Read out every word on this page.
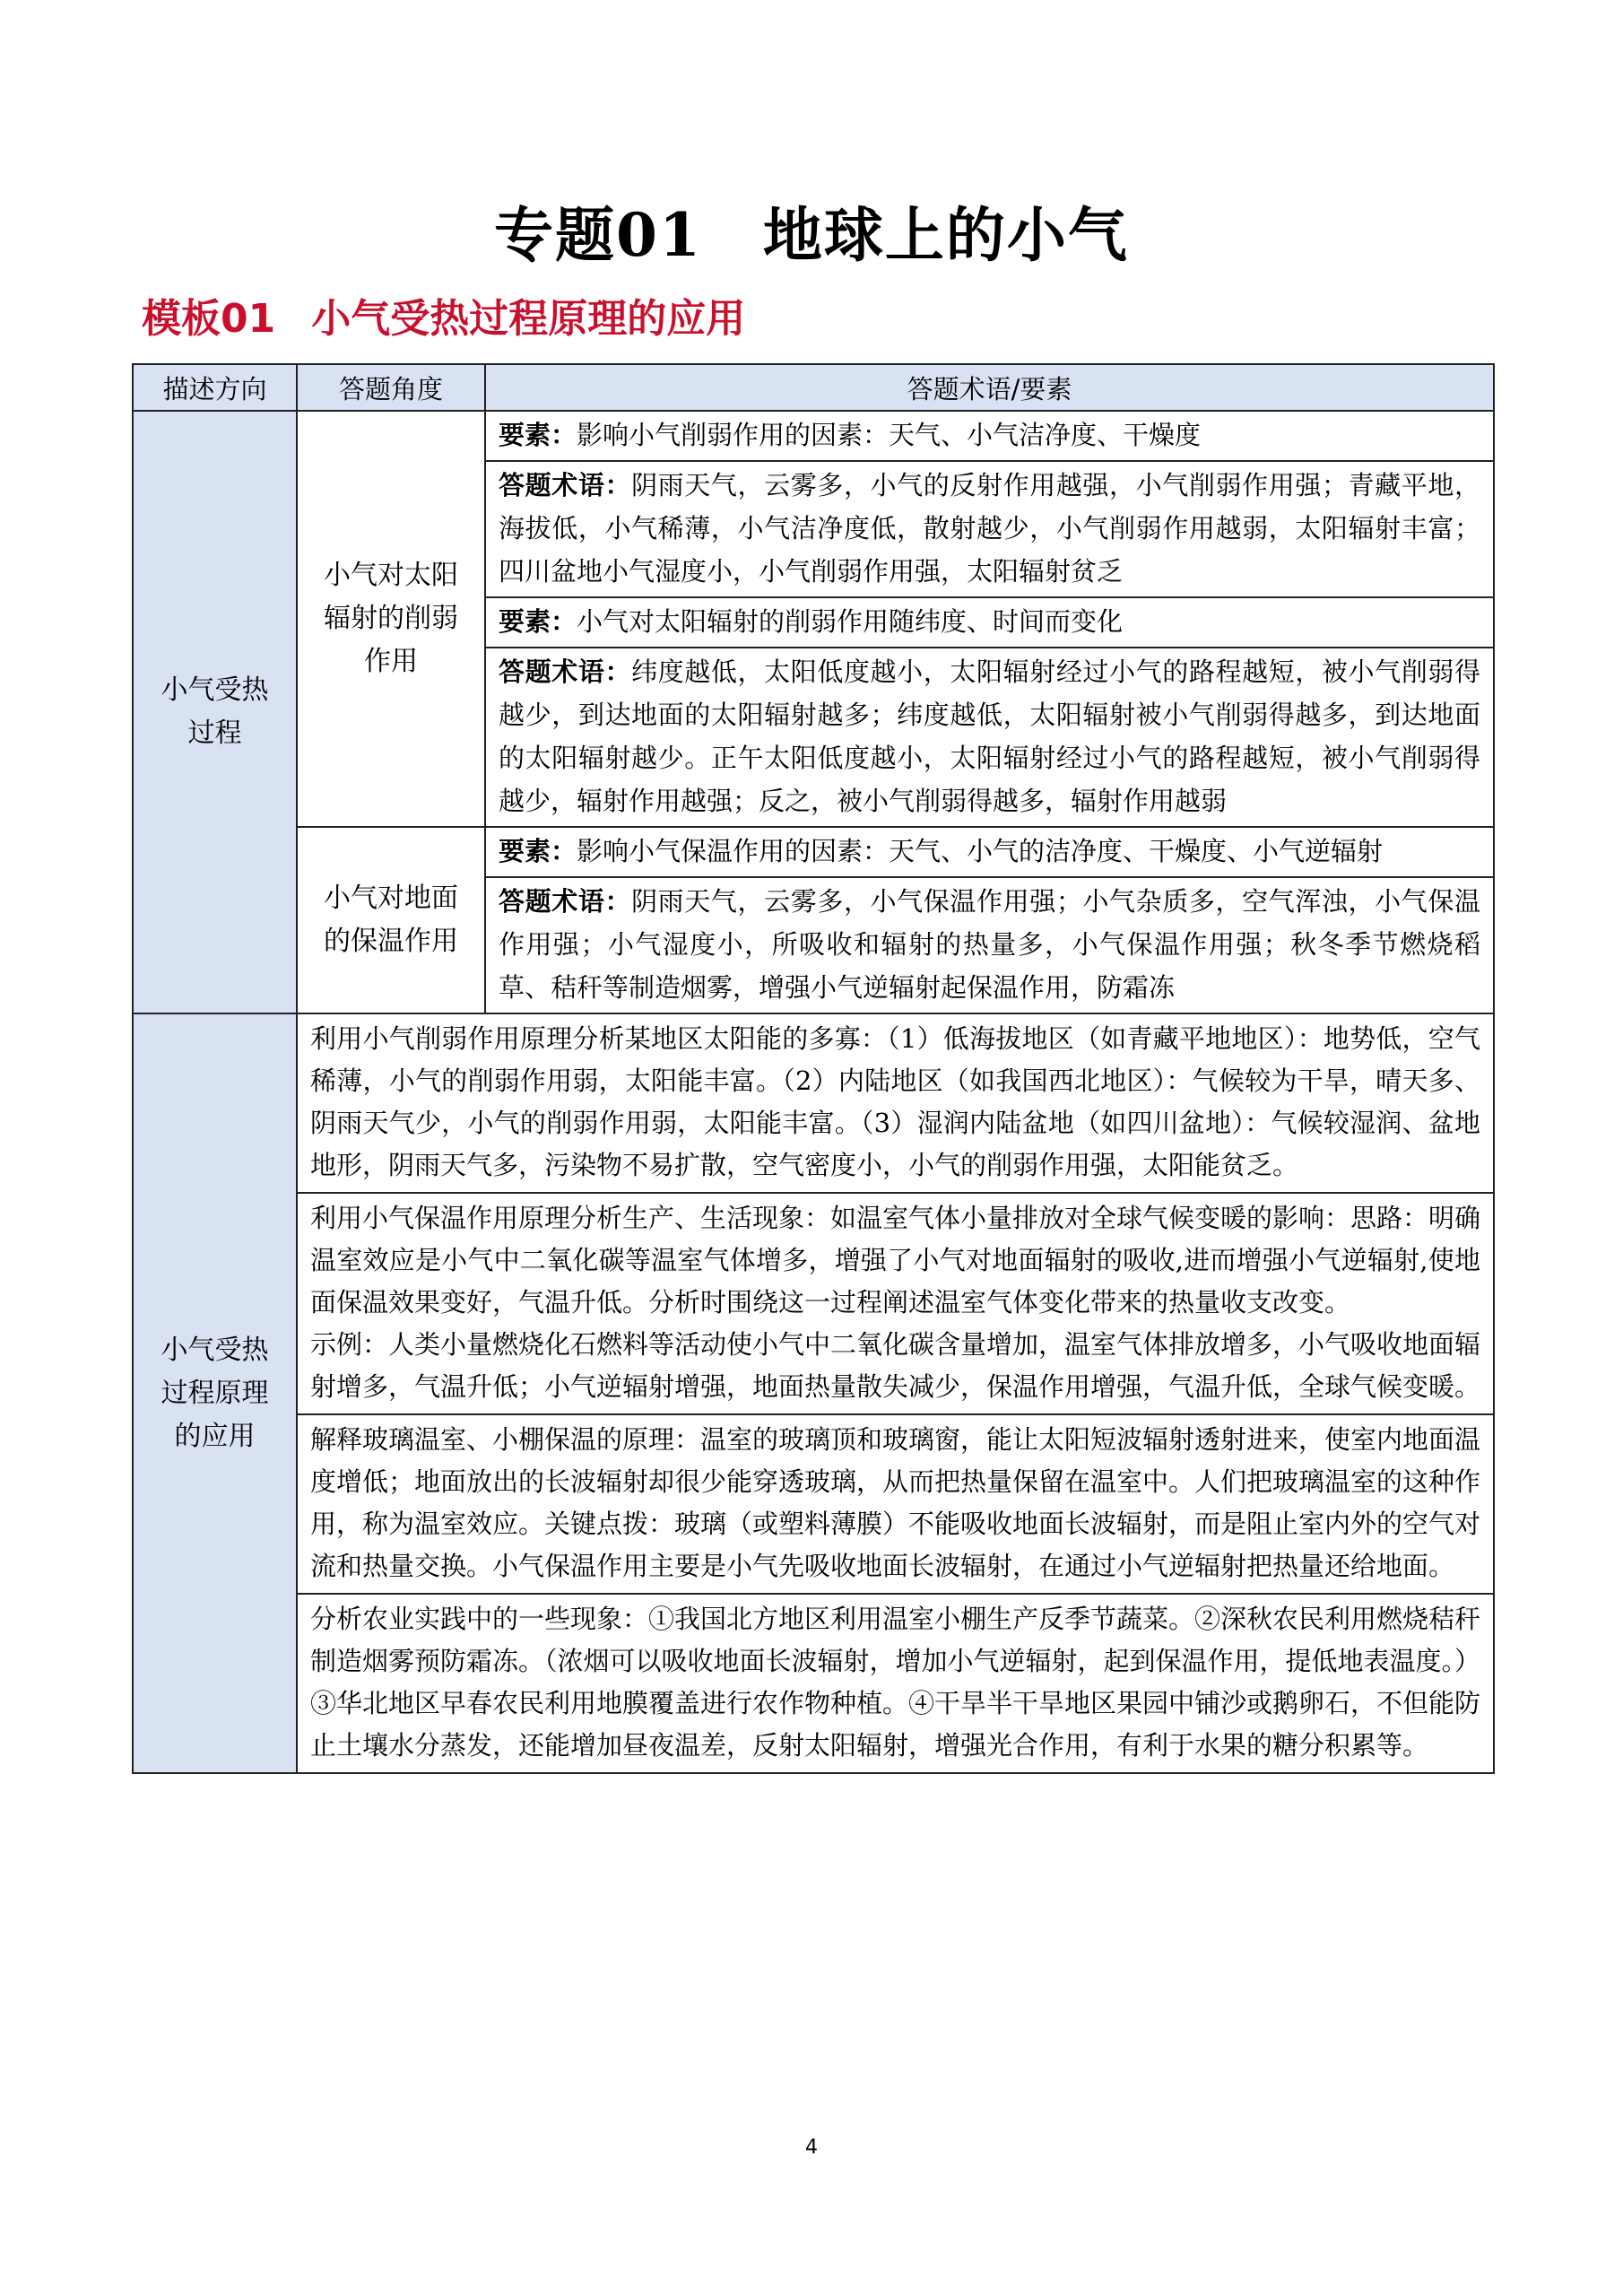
专题01　地球上的小气
模板01 小气受热过程原理的应用
描述方向	答题角度	答题术语/要素

小气受热过程	小气对太阳辐射的削弱作用	要素：影响小气削弱作用的因素：天气、小气洁净度、干燥度
		答题术语：阴雨天气，云雾多，小气的反射作用越强，小气削弱作用强；青藏平地，海拔低，小气稀薄，小气洁净度低，散射越少，小气削弱作用越弱，太阳辐射丰富；四川盆地小气湿度小，小气削弱作用强，太阳辐射贫乏
		要素：小气对太阳辐射的削弱作用随纬度、时间而变化
		答题术语：纬度越低，太阳低度越小，太阳辐射经过小气的路程越短，被小气削弱得越少，到达地面的太阳辐射越多；纬度越低，太阳辐射被小气削弱得越多，到达地面的太阳辐射越少。正午太阳低度越小，太阳辐射经过小气的路程越短，被小气削弱得越少，辐射作用越强；反之，被小气削弱得越多，辐射作用越弱

	小气对地面的保温作用	要素：影响小气保温作用的因素：天气、小气的洁净度、干燥度、小气逆辐射
		答题术语：阴雨天气，云雾多，小气保温作用强；小气杂质多，空气浑浊，小气保温作用强；小气湿度小，所吸收和辐射的热量多，小气保温作用强；秋冬季节燃烧稻草、秸秆等制造烟雾，增强小气逆辐射起保温作用，防霜冻

小气受热过程原理的应用	利用小气削弱作用原理分析某地区太阳能的多寡：（1）低海拔地区（如青藏平地地区）：地势低，空气稀薄，小气的削弱作用弱，太阳能丰富。（2）内陆地区（如我国西北地区）：气候较为干旱，晴天多、阴雨天气少，小气的削弱作用弱，太阳能丰富。（3）湿润内陆盆地（如四川盆地）：气候较湿润、盆地地形，阴雨天气多，污染物不易扩散，空气密度小，小气的削弱作用强，太阳能贫乏。	

	利用小气保温作用原理分析生产、生活现象：如温室气体小量排放对全球气候变暖的影响：思路：明确温室效应是小气中二氧化碳等温室气体增多，增强了小气对地面辐射的吸收,进而增强小气逆辐射,使地面保温效果变好，气温升低。分析时围绕这一过程阐述温室气体变化带来的热量收支改变。
示例：人类小量燃烧化石燃料等活动使小气中二氧化碳含量增加，温室气体排放增多，小气吸收地面辐射增多，气温升低；小气逆辐射增强，地面热量散失减少，保温作用增强，气温升低，全球气候变暖。	

	解释玻璃温室、小棚保温的原理：温室的玻璃顶和玻璃窗，能让太阳短波辐射透射进来，使室内地面温度增低；地面放出的长波辐射却很少能穿透玻璃，从而把热量保留在温室中。人们把玻璃温室的这种作用，称为温室效应。关键点拨：玻璃（或塑料薄膜）不能吸收地面长波辐射，而是阻止室内外的空气对流和热量交换。小气保温作用主要是小气先吸收地面长波辐射，在通过小气逆辐射把热量还给地面。	

	分析农业实践中的一些现象：①我国北方地区利用温室小棚生产反季节蔬菜。②深秋农民利用燃烧秸秆制造烟雾预防霜冻。（浓烟可以吸收地面长波辐射，增加小气逆辐射，起到保温作用，提低地表温度。）③华北地区早春农民利用地膜覆盖进行农作物种植。④干旱半干旱地区果园中铺沙或鹅卵石，不但能防止土壤水分蒸发，还能增加昼夜温差，反射太阳辐射，增强光合作用，有利于水果的糖分积累等。	
4
